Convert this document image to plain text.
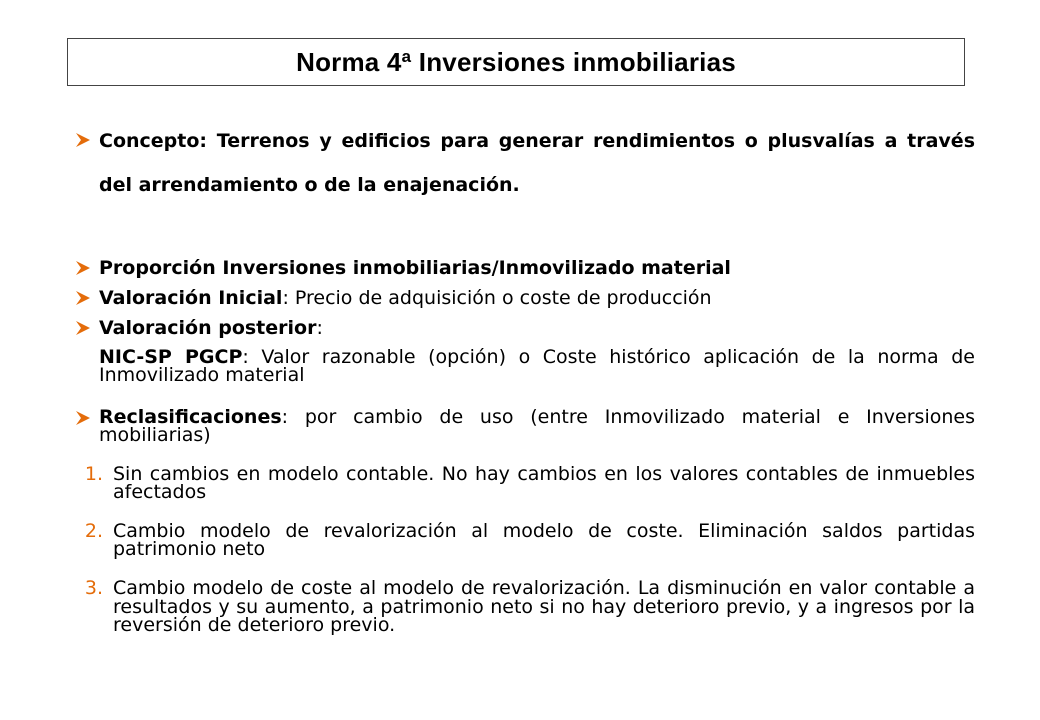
Norma 4ª Inversiones inmobiliarias
Concepto: Terrenos y edificios para generar rendimientos o plusvalías a través del arrendamiento o de la enajenación.
Proporción Inversiones inmobiliarias/Inmovilizado material
Valoración Inicial: Precio de adquisición o coste de producción
Valoración posterior:
NIC-SP PGCP: Valor razonable (opción) o Coste histórico aplicación de la norma de Inmovilizado material
Reclasificaciones: por cambio de uso (entre Inmovilizado material e Inversiones mobiliarias)
1. Sin cambios en modelo contable. No hay cambios en los valores contables de inmuebles afectados
2. Cambio modelo de revalorización al modelo de coste. Eliminación saldos partidas patrimonio neto
3. Cambio modelo de coste al modelo de revalorización. La disminución en valor contable a resultados y su aumento, a patrimonio neto si no hay deterioro previo, y a ingresos por la reversión de deterioro previo.
